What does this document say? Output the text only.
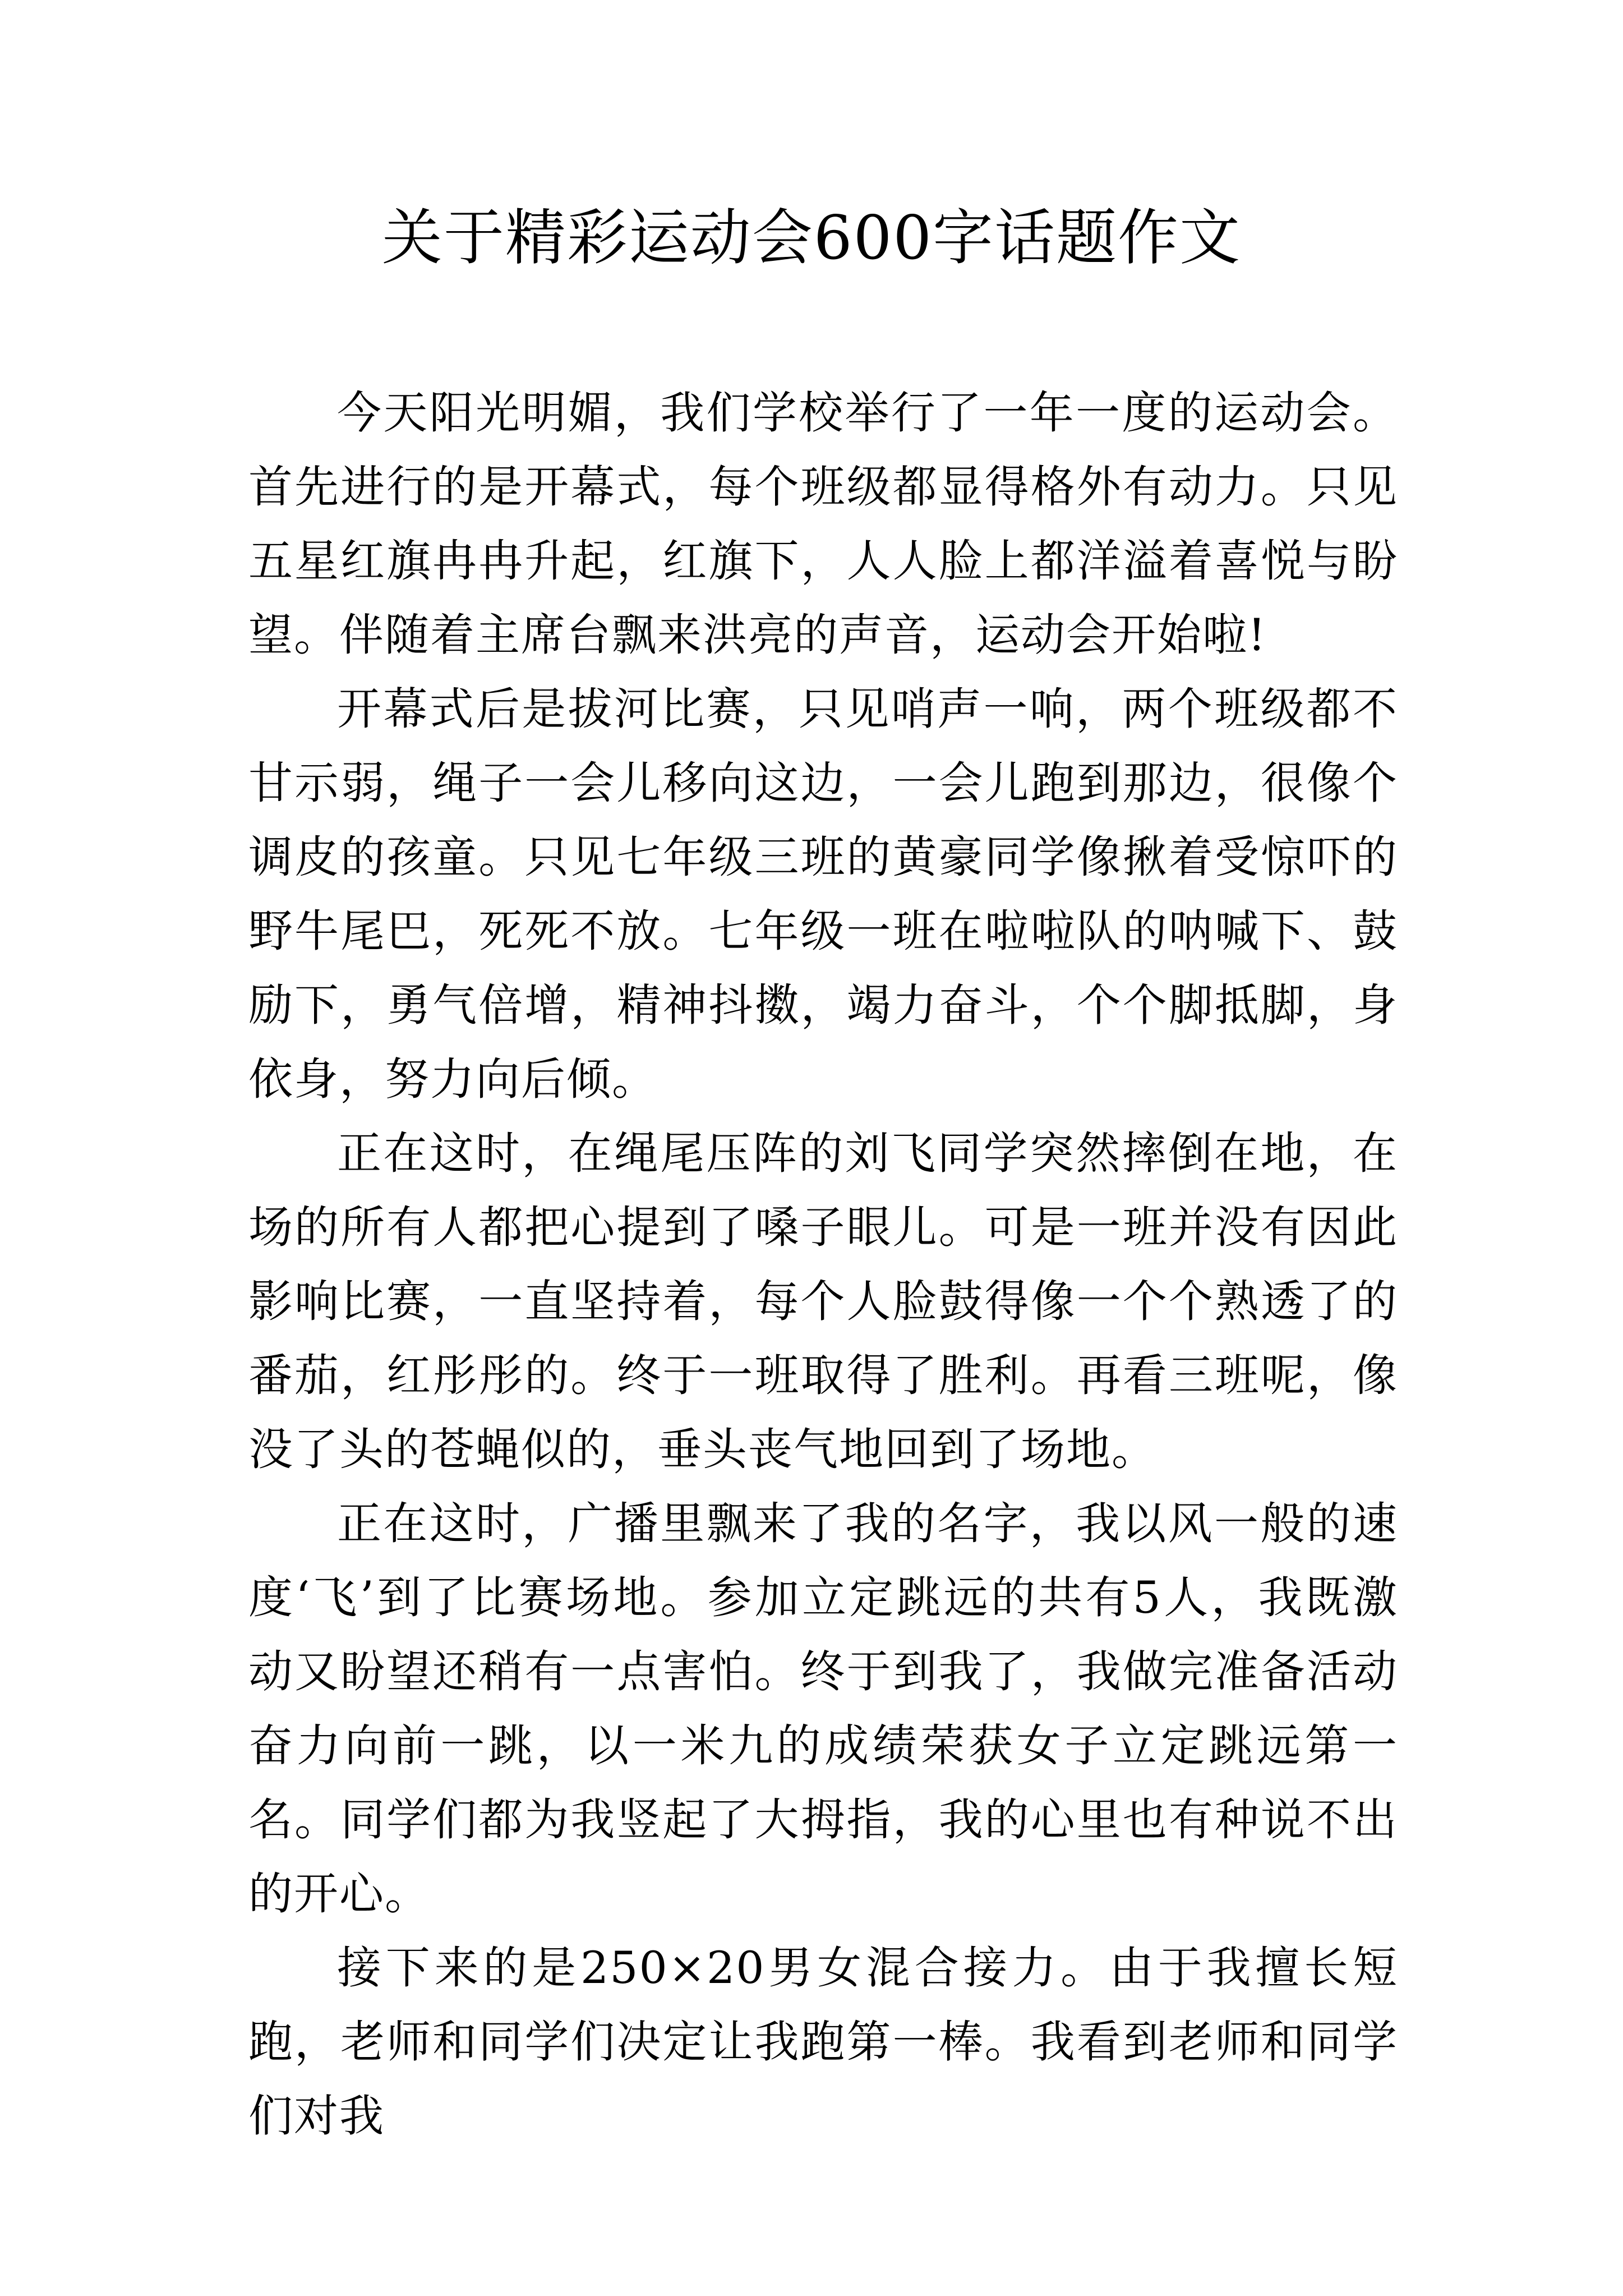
关于精彩运动会600字话题作文

今天阳光明媚，我们学校举行了一年一度的运动会。首先进行的是开幕式，每个班级都显得格外有动力。只见五星红旗冉冉升起，红旗下，人人脸上都洋溢着喜悦与盼望。伴随着主席台飘来洪亮的声音，运动会开始啦!

开幕式后是拔河比赛，只见哨声一响，两个班级都不甘示弱，绳子一会儿移向这边，一会儿跑到那边，很像个调皮的孩童。只见七年级三班的黄豪同学像揪着受惊吓的野牛尾巴，死死不放。七年级一班在啦啦队的呐喊下、鼓励下，勇气倍增，精神抖擞，竭力奋斗，个个脚抵脚，身依身，努力向后倾。

正在这时，在绳尾压阵的刘飞同学突然摔倒在地，在场的所有人都把心提到了嗓子眼儿。可是一班并没有因此影响比赛，一直坚持着，每个人脸鼓得像一个个熟透了的番茄，红彤彤的。终于一班取得了胜利。再看三班呢，像没了头的苍蝇似的，垂头丧气地回到了场地。

正在这时，广播里飘来了我的名字，我以风一般的速度‘飞’到了比赛场地。参加立定跳远的共有5人，我既激动又盼望还稍有一点害怕。终于到我了，我做完准备活动奋力向前一跳，以一米九的成绩荣获女子立定跳远第一名。同学们都为我竖起了大拇指，我的心里也有种说不出的开心。

接下来的是250×20男女混合接力。由于我擅长短跑，老师和同学们决定让我跑第一棒。我看到老师和同学们对我
